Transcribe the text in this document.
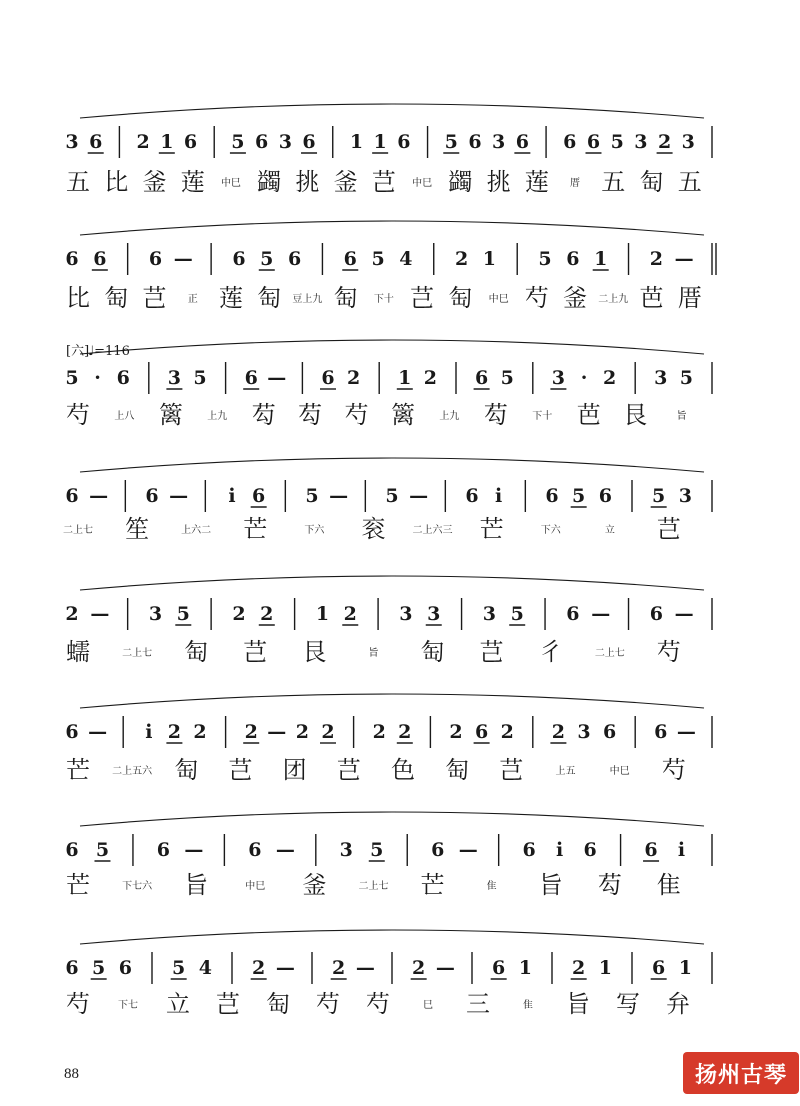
[六]
♩=116
88
3 6 2 1 6 5 6 3 6 1 1 6 5 6 3 6 6 6 5 3 2 3
五 比 釜 莲 中巳 蠲 挑 釜 芑 中巳 蠲 挑 莲 厝 五 匋 五
6 6 6 — 6 5 6 6 5 4 2 1 5 6 1 2 —
比 匋 芑 正 莲 匋 豆上九 匋 下十 芑 匋 中巳 芍 釜 二上九 芭 厝
5 · 6 3 5 6 — 6 2 1 2 6 5 3 · 2 3 5
芍 上八 篱 上九 芶 芶 芍 篱 上九 芶 下十 芭 艮	旨
6 — 6 — i 6 5 — 5 — 6 i 6 5 6 5 3
二上七 笙	上六二 芒	下六 衮	二上六三 芒	下六	立 芑
2 — 3 5 2 2 1 2 3 3 3 5 6 — 6 —
蠕	二上七 匋 芑 艮	旨 匋 芑 彳	二上七 芍
6 — i 2 2 2 — 2 2 2 2 2 6 2 2 3 6 6 —
芒 二上五六 匋 芑 团 芑 色 匋 芑	上五	中巳 芍
6 5	6 — 6 — 3 5	6 — 6 i 6	6 i
芒	下七六 旨	中巳 釜	二上七 芒	隹 旨 芶 隹
6 5 6 5 4 2 — 2 — 2 — 6 1 2 1 6 1
芍	下七 立 芑 匋 芍 芍	巳 三	隹 旨 写 弁
扬州古琴
